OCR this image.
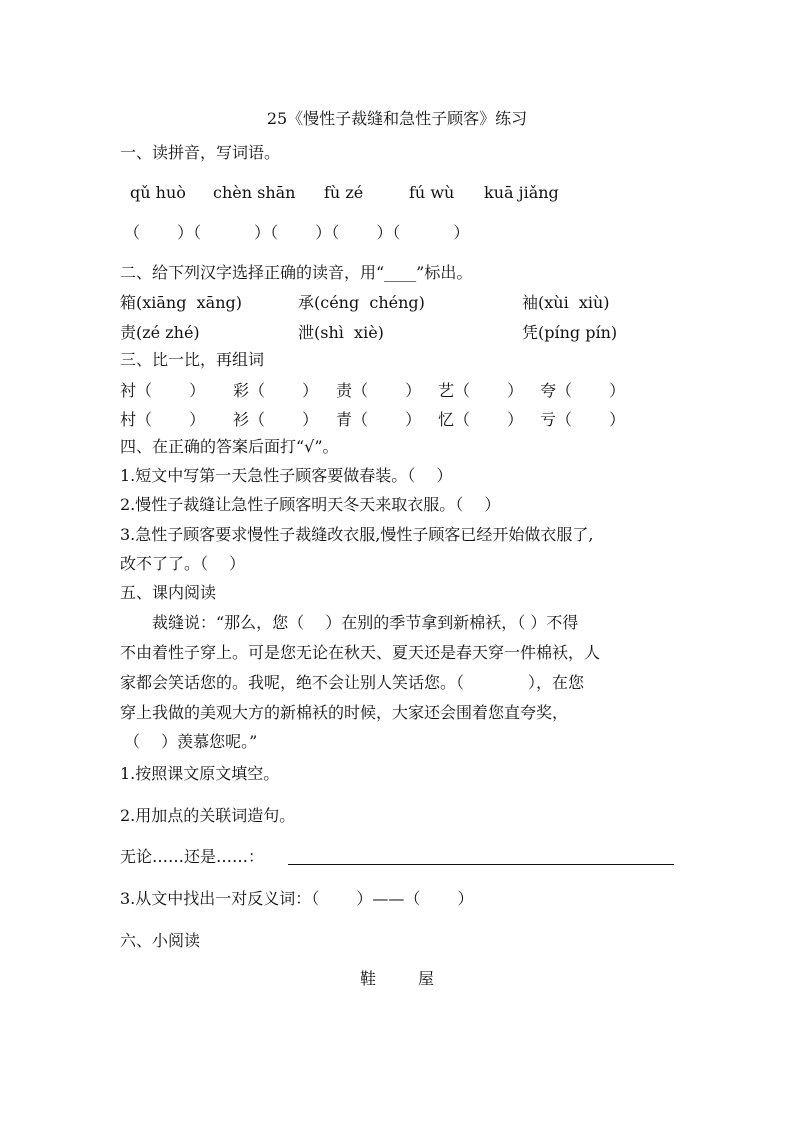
25《慢性子裁缝和急性子顾客》练习
一、读拼音，写词语。
qǔ huò chèn shān fù zé	fú wù kuā jiǎng
（　　 ）（　　　 ）（　　 ）（　　 ）（　　　 ）
二、给下列汉字选择正确的读音，用“____”标出。
箱(xiāng  xāng)	承(céng  chéng)	袖(xùi  xiù)
责(zé zhé)	泄(shì  xiè)	凭(píng pín)
三、比一比，再组词
衬（　　 ） 彩（　　 ） 责（　　 ） 艺（　　 ） 夸（　　 ）
村（　　 ） 衫（　　 ） 青（　　 ） 忆（　　 ） 亏（　　 ）
四、在正确的答案后面打“√”。
1.短文中写第一天急性子顾客要做春装。（　 ）
2.慢性子裁缝让急性子顾客明天冬天来取衣服。（　 ）
3.急性子顾客要求慢性子裁缝改衣服,慢性子顾客已经开始做衣服了,
改不了了。（　 ）
五、课内阅读
　　裁缝说：“那么，您（　 ）在别的季节拿到新棉袄，（ ）不得
不由着性子穿上。可是您无论在秋天、夏天还是春天穿一件棉袄，人
家都会笑话您的。我呢，绝不会让别人笑话您。（　　　　），在您
穿上我做的美观大方的新棉袄的时候，大家还会围着您直夸奖，
（　 ）羡慕您呢。”
1.按照课文原文填空。
2.用加点的关联词造句。
无论……还是……：
3.从文中找出一对反义词：（　　 ）——（　　 ）
六、小阅读
鞋屋
